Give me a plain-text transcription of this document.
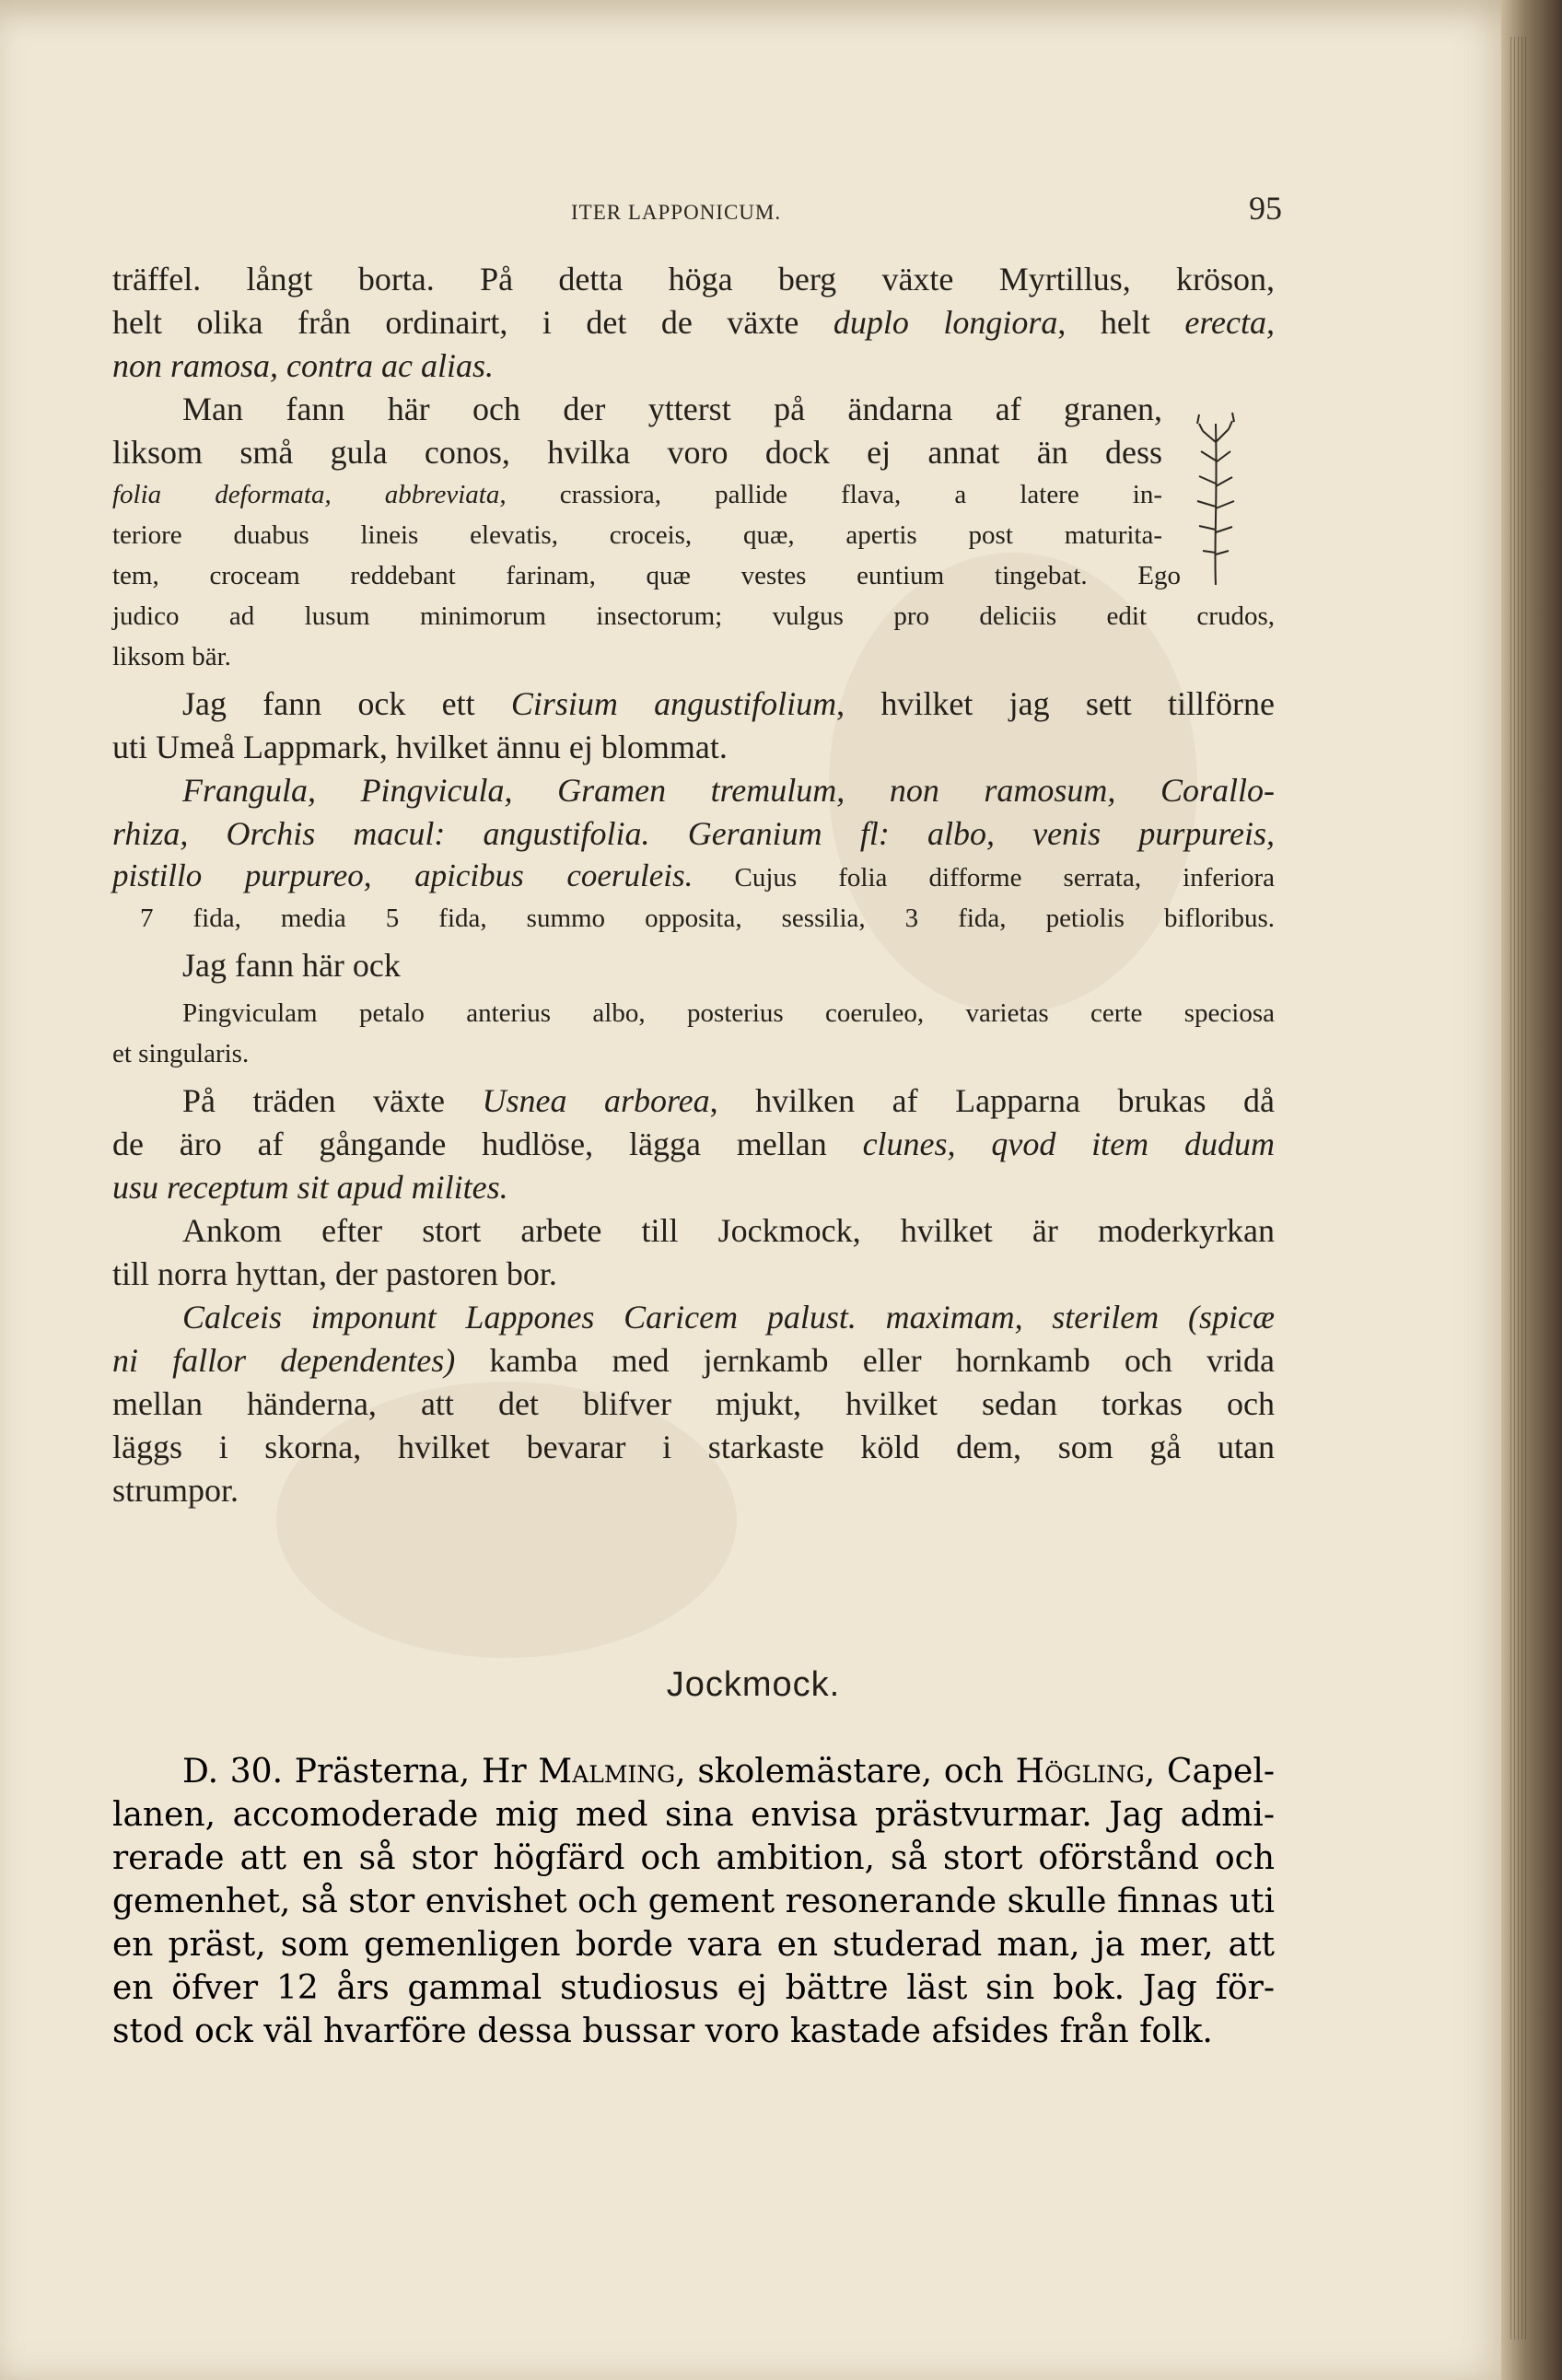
ITER LAPPONICUM.	95
träffel. långt borta. På detta höga berg växte Myrtillus, kröson,
helt olika från ordinairt, i det de växte duplo longiora, helt erecta,
non ramosa, contra ac alias.
Man fann här och der ytterst på ändarna af granen,
liksom små gula conos, hvilka voro dock ej annat än dess
folia deformata, abbreviata, crassiora, pallide flava, a latere in-
teriore duabus lineis elevatis, croceis, quæ, apertis post maturita-
tem, croceam reddebant farinam, quæ vestes euntium tingebat. Ego
judico ad lusum minimorum insectorum; vulgus pro deliciis edit crudos,
liksom bär.
Jag fann ock ett Cirsium angustifolium, hvilket jag sett tillförne
uti Umeå Lappmark, hvilket ännu ej blommat.
Frangula, Pingvicula, Gramen tremulum, non ramosum, Corallo-
rhiza, Orchis macul: angustifolia. Geranium fl: albo, venis purpureis,
pistillo purpureo, apicibus coeruleis. Cujus folia difforme serrata, inferiora
7 fida, media 5 fida, summo opposita, sessilia, 3 fida, petiolis bifloribus.
Jag fann här ock
Pingviculam petalo anterius albo, posterius coeruleo, varietas certe speciosa
et singularis.
På träden växte Usnea arborea, hvilken af Lapparna brukas då
de äro af gångande hudlöse, lägga mellan clunes, qvod item dudum
usu receptum sit apud milites.
Ankom efter stort arbete till Jockmock, hvilket är moderkyrkan
till norra hyttan, der pastoren bor.
Calceis imponunt Lappones Caricem palust. maximam, sterilem (spicæ
ni fallor dependentes) kamba med jernkamb eller hornkamb och vrida
mellan händerna, att det blifver mjukt, hvilket sedan torkas och
läggs i skorna, hvilket bevarar i starkaste köld dem, som gå utan
strumpor.
Jockmock.
D. 30. Prästerna, Hr Malming, skolemästare, och Högling, Capel-
lanen, accomoderade mig med sina envisa prästvurmar. Jag admi-
rerade att en så stor högfärd och ambition, så stort oförstånd och
gemenhet, så stor envishet och gement resonerande skulle finnas uti
en präst, som gemenligen borde vara en studerad man, ja mer, att
en öfver 12 års gammal studiosus ej bättre läst sin bok. Jag för-
stod ock väl hvarföre dessa bussar voro kastade afsides från folk.
